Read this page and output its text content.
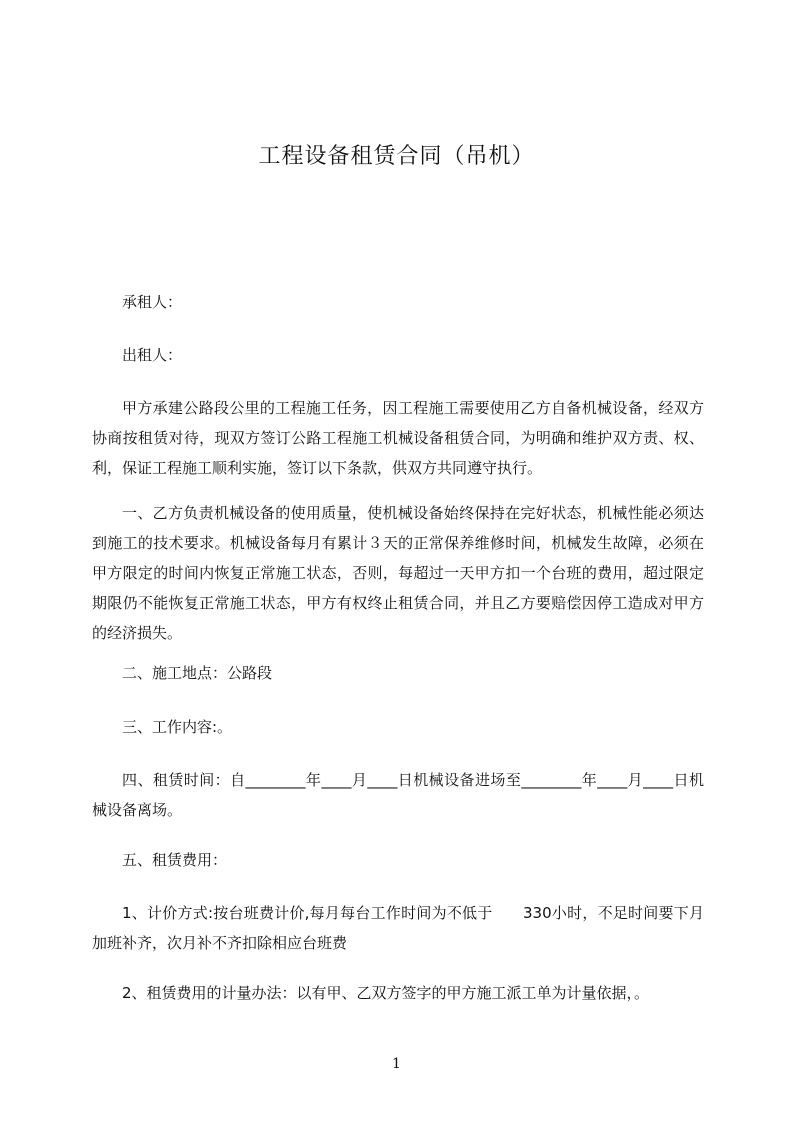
工程设备租赁合同（吊机）

承租人：

出租人：

甲方承建公路段公里的工程施工任务，因工程施工需要使用乙方自备机械设备，经双方协商按租赁对待，现双方签订公路工程施工机械设备租赁合同，为明确和维护双方责、权、利，保证工程施工顺利实施，签订以下条款，供双方共同遵守执行。

一、乙方负责机械设备的使用质量，使机械设备始终保持在完好状态，机械性能必须达到施工的技术要求。机械设备每月有累计３天的正常保养维修时间，机械发生故障，必须在甲方限定的时间内恢复正常施工状态，否则，每超过一天甲方扣一个台班的费用，超过限定期限仍不能恢复正常施工状态，甲方有权终止租赁合同，并且乙方要赔偿因停工造成对甲方的经济损失。

二、施工地点：公路段

三、工作内容:。

四、租赁时间：自________年____月____日机械设备进场至________年____月____日机械设备离场。

五、租赁费用：

1、计价方式:按台班费计价,每月每台工作时间为不低于　　330小时，不足时间要下月加班补齐，次月补不齐扣除相应台班费

2、租赁费用的计量办法：以有甲、乙双方签字的甲方施工派工单为计量依据，。

1
